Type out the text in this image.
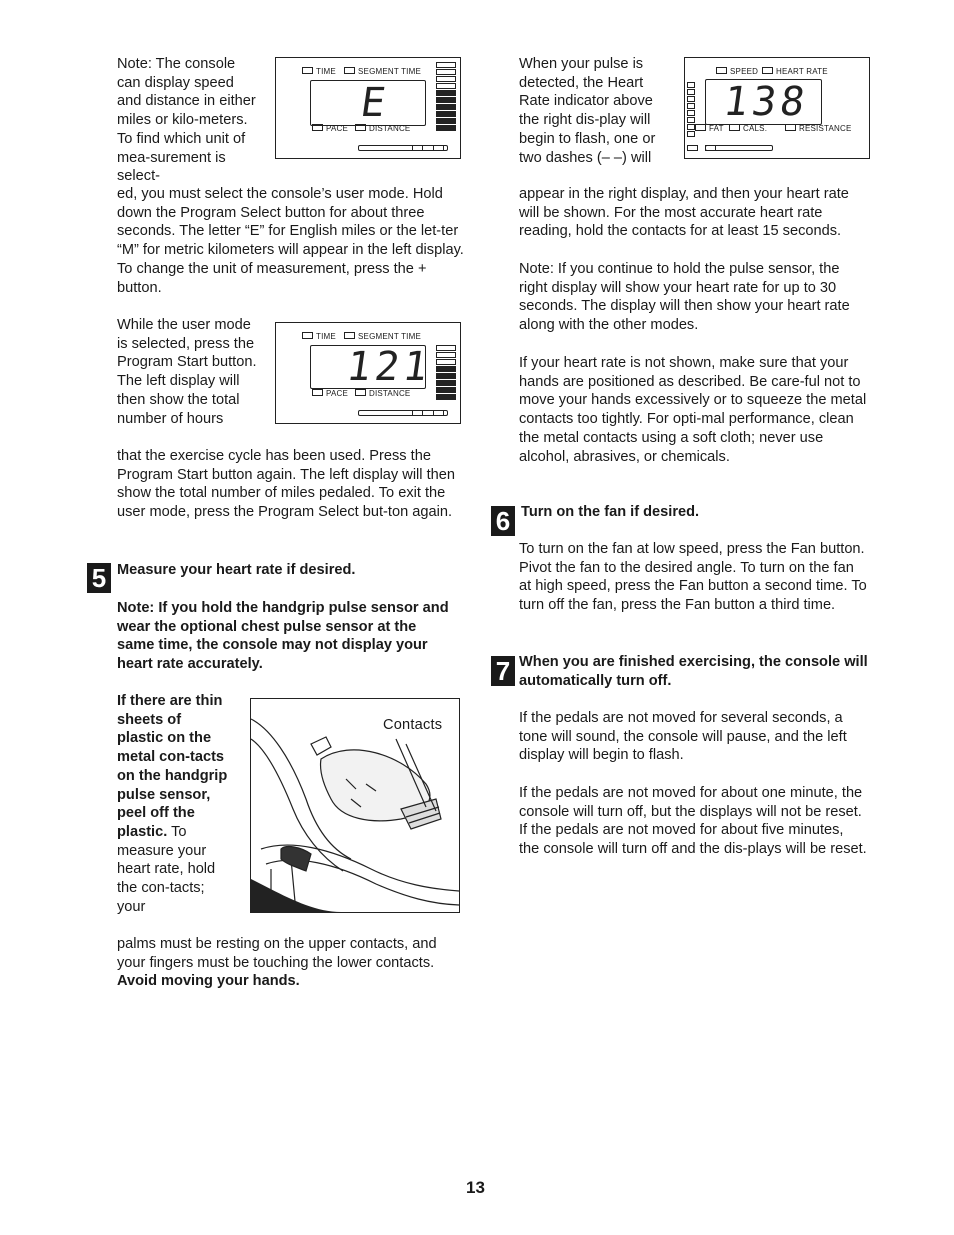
Note: The console can display speed and distance in either miles or kilo-meters. To find which unit of mea-surement is select-

ed, you must select the console’s user mode. Hold down the Program Select button for about three seconds. The letter “E” for English miles or the let-ter “M” for metric kilometers will appear in the left display. To change the unit of measurement, press the + button.

TIME	SEGMENT TIME
E
PACE	DISTANCE

While the user mode is selected, press the Program Start button. The left display will then show the total number of hours

that the exercise cycle has been used. Press the Program Start button again. The left display will then show the total number of miles pedaled. To exit the user mode, press the Program Select but-ton again.

TIME	SEGMENT TIME
121
PACE	DISTANCE
5 Measure your heart rate if desired.

Note: If you hold the handgrip pulse sensor and wear the optional chest pulse sensor at the same time, the console may not display your heart rate accurately.

If there are thin sheets of plastic on the metal con-tacts on the handgrip pulse sensor, peel off the plastic. To measure your heart rate, hold the con-tacts; your

palms must be resting on the upper contacts, and your fingers must be touching the lower contacts. Avoid moving your hands.

Contacts

When your pulse is detected, the Heart Rate indicator above the right dis-play will begin to flash, one or two dashes (– –) will

SPEED	HEART RATE
138
FAT	CALS.	RESISTANCE

appear in the right display, and then your heart rate will be shown. For the most accurate heart rate reading, hold the contacts for at least 15 seconds.

Note: If you continue to hold the pulse sensor, the right display will show your heart rate for up to 30 seconds. The display will then show your heart rate along with the other modes.

If your heart rate is not shown, make sure that your hands are positioned as described. Be care-ful not to move your hands excessively or to squeeze the metal contacts too tightly. For opti-mal performance, clean the metal contacts using a soft cloth; never use alcohol, abrasives, or chemicals.

6 Turn on the fan if desired.

To turn on the fan at low speed, press the Fan button. Pivot the fan to the desired angle. To turn on the fan at high speed, press the Fan button a second time. To turn off the fan, press the Fan button a third time.

7 When you are finished exercising, the console will automatically turn off.

If the pedals are not moved for several seconds, a tone will sound, the console will pause, and the left display will begin to flash.

If the pedals are not moved for about one minute, the console will turn off, but the displays will not be reset. If the pedals are not moved for about five minutes, the console will turn off and the dis-plays will be reset.

13
